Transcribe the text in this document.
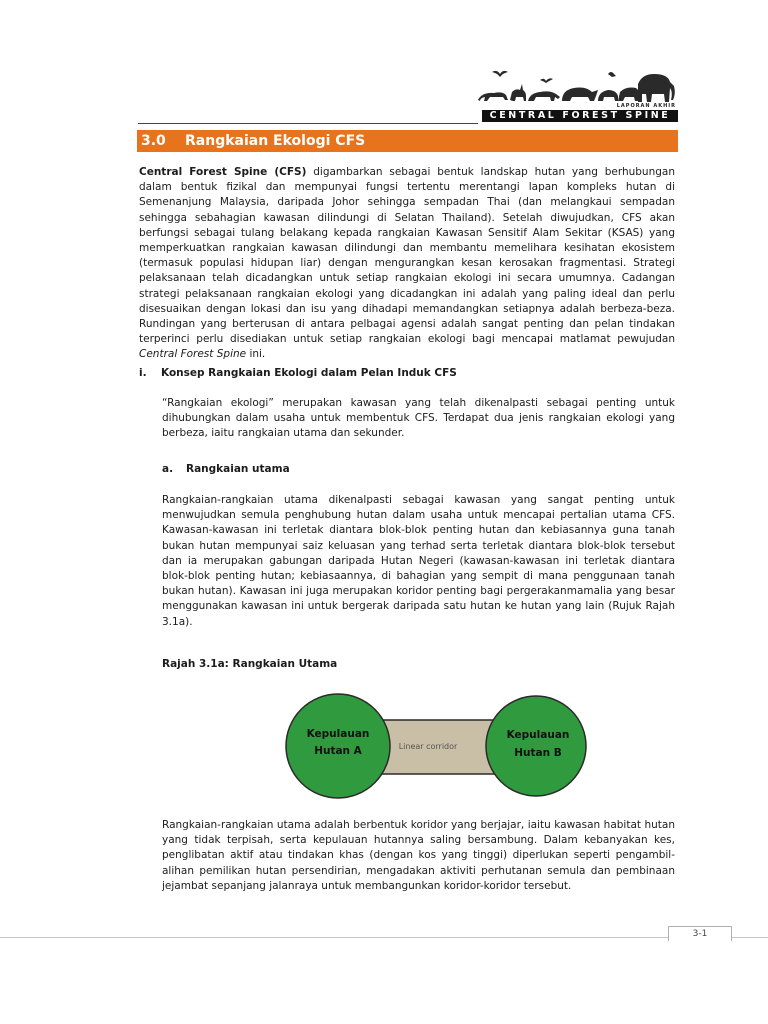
LAPORAN AKHIR
CENTRAL FOREST SPINE
3.0 Rangkaian Ekologi CFS

Central Forest Spine (CFS) digambarkan sebagai bentuk landskap hutan yang berhubungan dalam bentuk fizikal dan mempunyai fungsi tertentu merentangi lapan kompleks hutan di Semenanjung Malaysia, daripada Johor sehingga sempadan Thai (dan melangkaui sempadan sehingga sebahagian kawasan dilindungi di Selatan Thailand). Setelah diwujudkan, CFS akan berfungsi sebagai tulang belakang kepada rangkaian Kawasan Sensitif Alam Sekitar (KSAS) yang memperkuatkan rangkaian kawasan dilindungi dan membantu memelihara kesihatan ekosistem (termasuk populasi hidupan liar) dengan mengurangkan kesan kerosakan fragmentasi. Strategi pelaksanaan telah dicadangkan untuk setiap rangkaian ekologi ini secara umumnya. Cadangan strategi pelaksanaan rangkaian ekologi yang dicadangkan ini adalah yang paling ideal dan perlu disesuaikan dengan lokasi dan isu yang dihadapi memandangkan setiapnya adalah berbeza-beza. Rundingan yang berterusan di antara pelbagai agensi adalah sangat penting dan pelan tindakan terperinci perlu disediakan untuk setiap rangkaian ekologi bagi mencapai matlamat pewujudan Central Forest Spine ini.

i. Konsep Rangkaian Ekologi dalam Pelan Induk CFS

“Rangkaian ekologi” merupakan kawasan yang telah dikenalpasti sebagai penting untuk dihubungkan dalam usaha untuk membentuk CFS. Terdapat dua jenis rangkaian ekologi yang berbeza, iaitu rangkaian utama dan sekunder.

a. Rangkaian utama

Rangkaian-rangkaian utama dikenalpasti sebagai kawasan yang sangat penting untuk menwujudkan semula penghubung hutan dalam usaha untuk mencapai pertalian utama CFS. Kawasan-kawasan ini terletak diantara blok-blok penting hutan dan kebiasannya guna tanah bukan hutan mempunyai saiz keluasan yang terhad serta terletak diantara blok-blok tersebut dan ia merupakan gabungan daripada Hutan Negeri (kawasan-kawasan ini terletak diantara blok-blok penting hutan; kebiasaannya, di bahagian yang sempit di mana penggunaan tanah bukan hutan). Kawasan ini juga merupakan koridor penting bagi pergerakanmamalia yang besar menggunakan kawasan ini untuk bergerak daripada satu hutan ke hutan yang lain (Rujuk Rajah 3.1a).

Rajah 3.1a: Rangkaian Utama
Linear corridor
Kepulauan
Hutan A
Kepulauan
Hutan B

Rangkaian-rangkaian utama adalah berbentuk koridor yang berjajar, iaitu kawasan habitat hutan yang tidak terpisah, serta kepulauan hutannya saling bersambung. Dalam kebanyakan kes, penglibatan aktif atau tindakan khas (dengan kos yang tinggi) diperlukan seperti pengambil-alihan pemilikan hutan persendirian, mengadakan aktiviti perhutanan semula dan pembinaan jejambat sepanjang jalanraya untuk membangunkan koridor-koridor tersebut.

3-1
